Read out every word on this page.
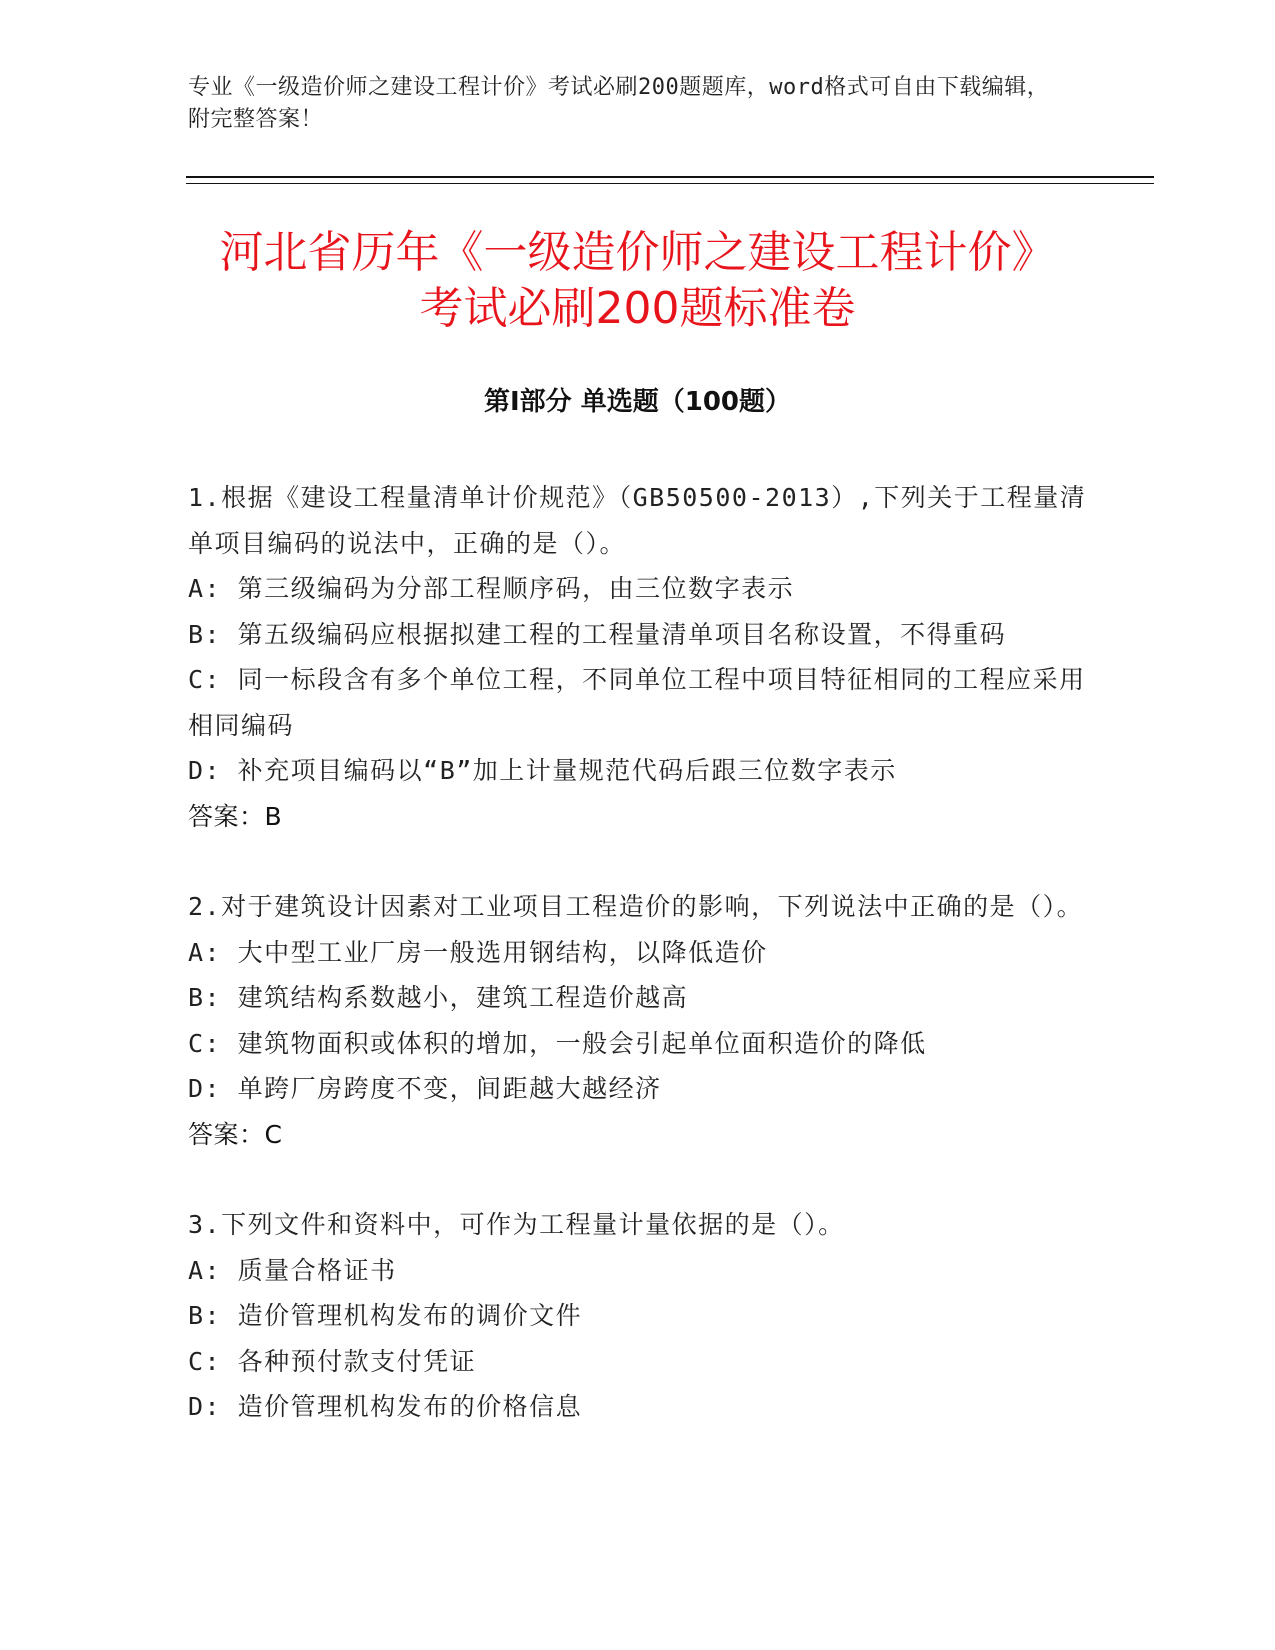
专业《一级造价师之建设工程计价》考试必刷200题题库，word格式可自由下载编辑，附完整答案！
河北省历年《一级造价师之建设工程计价》
考试必刷200题标准卷
第Ⅰ部分 单选题（100题）

1.根据《建设工程量清单计价规范》（GB50500-2013）,下列关于工程量清单项目编码的说法中，正确的是（）。

A: 第三级编码为分部工程顺序码，由三位数字表示

B: 第五级编码应根据拟建工程的工程量清单项目名称设置，不得重码

C: 同一标段含有多个单位工程，不同单位工程中项目特征相同的工程应采用相同编码

D: 补充项目编码以“B”加上计量规范代码后跟三位数字表示

答案：B

2.对于建筑设计因素对工业项目工程造价的影响，下列说法中正确的是（）。

A: 大中型工业厂房一般选用钢结构，以降低造价

B: 建筑结构系数越小，建筑工程造价越高

C: 建筑物面积或体积的增加，一般会引起单位面积造价的降低

D: 单跨厂房跨度不变，间距越大越经济

答案：C

3.下列文件和资料中，可作为工程量计量依据的是（）。

A: 质量合格证书

B: 造价管理机构发布的调价文件

C: 各种预付款支付凭证

D: 造价管理机构发布的价格信息
